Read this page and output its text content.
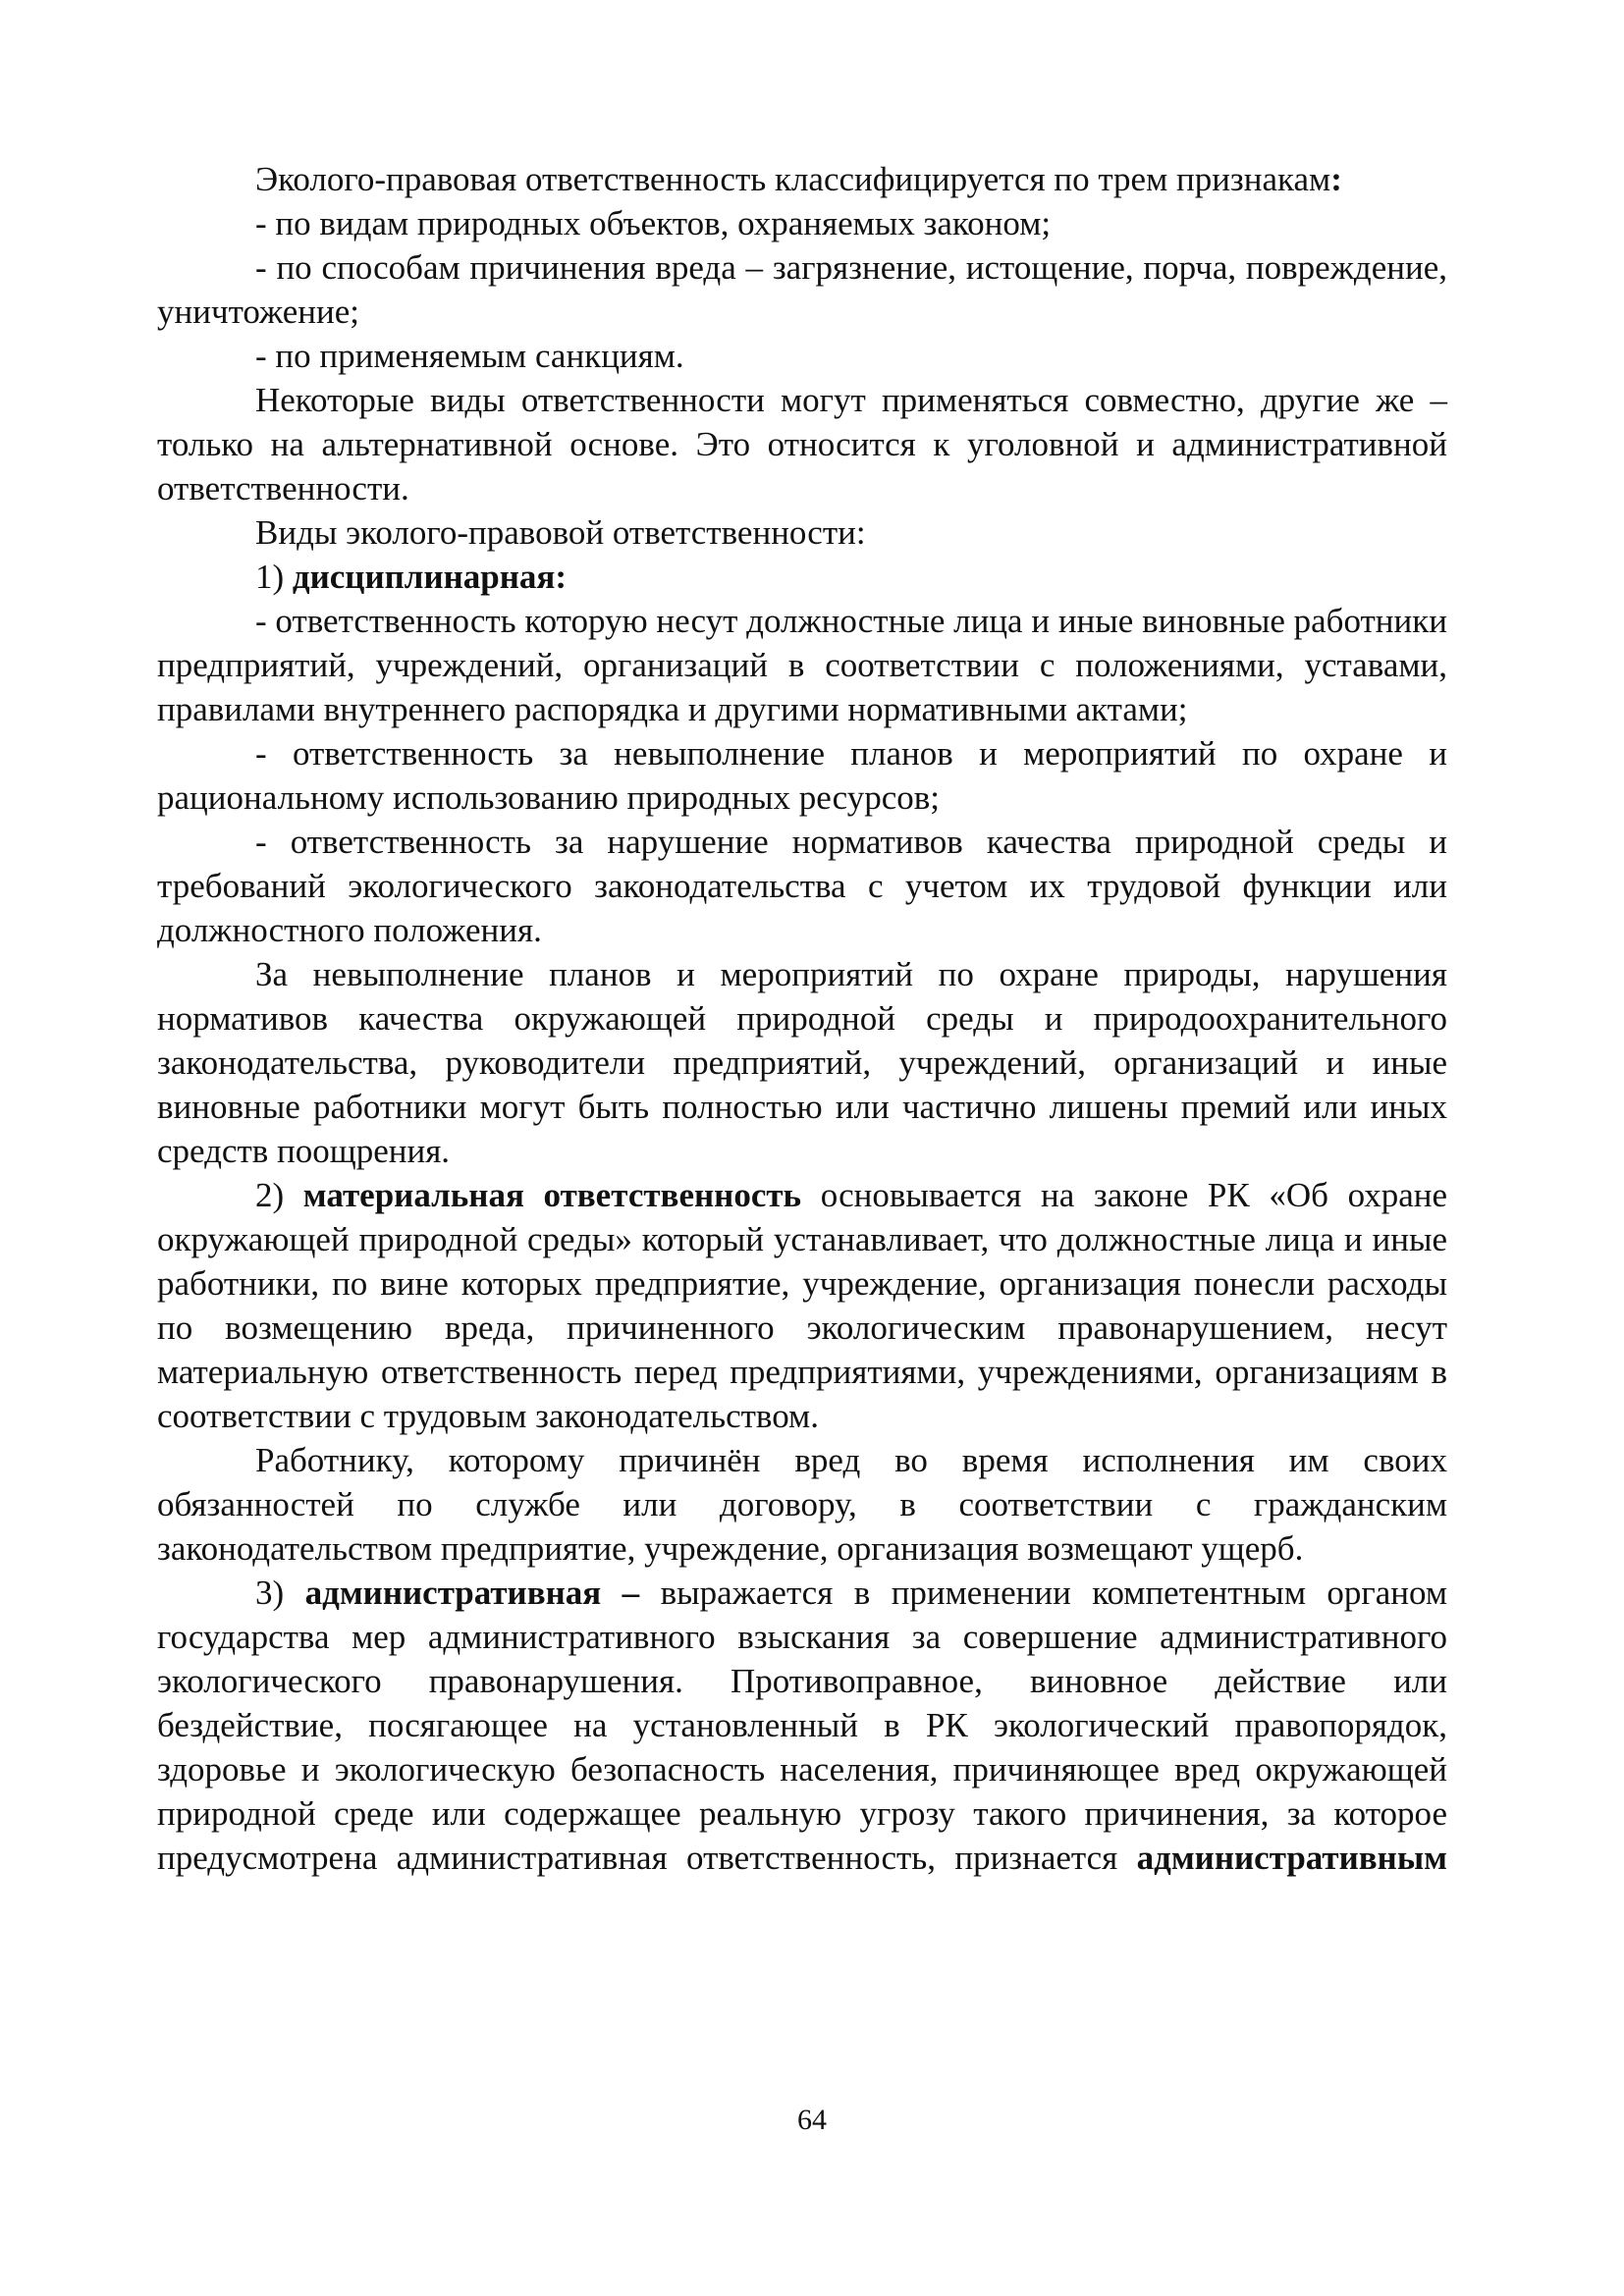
Эколого-правовая ответственность классифицируется по трем признакам:

- по видам природных объектов, охраняемых законом;

- по способам причинения вреда – загрязнение, истощение, порча, повреждение, уничтожение;

- по применяемым санкциям.

Некоторые виды ответственности могут применяться совместно, другие же – только на альтернативной основе. Это относится к уголовной и административной ответственности.

Виды эколого-правовой ответственности:

1) дисциплинарная:

- ответственность которую несут должностные лица и иные виновные работники предприятий, учреждений, организаций в соответствии с положениями, уставами, правилами внутреннего распорядка и другими нормативными актами;

- ответственность за невыполнение планов и мероприятий по охране и рациональному использованию природных ресурсов;

- ответственность за нарушение нормативов качества природной среды и требований экологического законодательства с учетом их трудовой функции или должностного положения.

За невыполнение планов и мероприятий по охране природы, нарушения нормативов качества окружающей природной среды и природоохранительного законодательства, руководители предприятий, учреждений, организаций и иные виновные работники могут быть полностью или частично лишены премий или иных средств поощрения.

2) материальная ответственность основывается на законе РК «Об охране окружающей природной среды» который устанавливает, что должностные лица и иные работники, по вине которых предприятие, учреждение, организация понесли расходы по возмещению вреда, причиненного экологическим правонарушением, несут материальную ответственность перед предприятиями, учреждениями, организациям в соответствии с трудовым законодательством.

Работнику, которому причинён вред во время исполнения им своих обязанностей по службе или договору, в соответствии с гражданским законодательством предприятие, учреждение, организация возмещают ущерб.

3) административная – выражается в применении компетентным органом государства мер административного взыскания за совершение административного экологического правонарушения. Противоправное, виновное действие или бездействие, посягающее на установленный в РК экологический правопорядок, здоровье и экологическую безопасность населения, причиняющее вред окружающей природной среде или содержащее реальную угрозу такого причинения, за которое предусмотрена административная ответственность, признается административным

64
